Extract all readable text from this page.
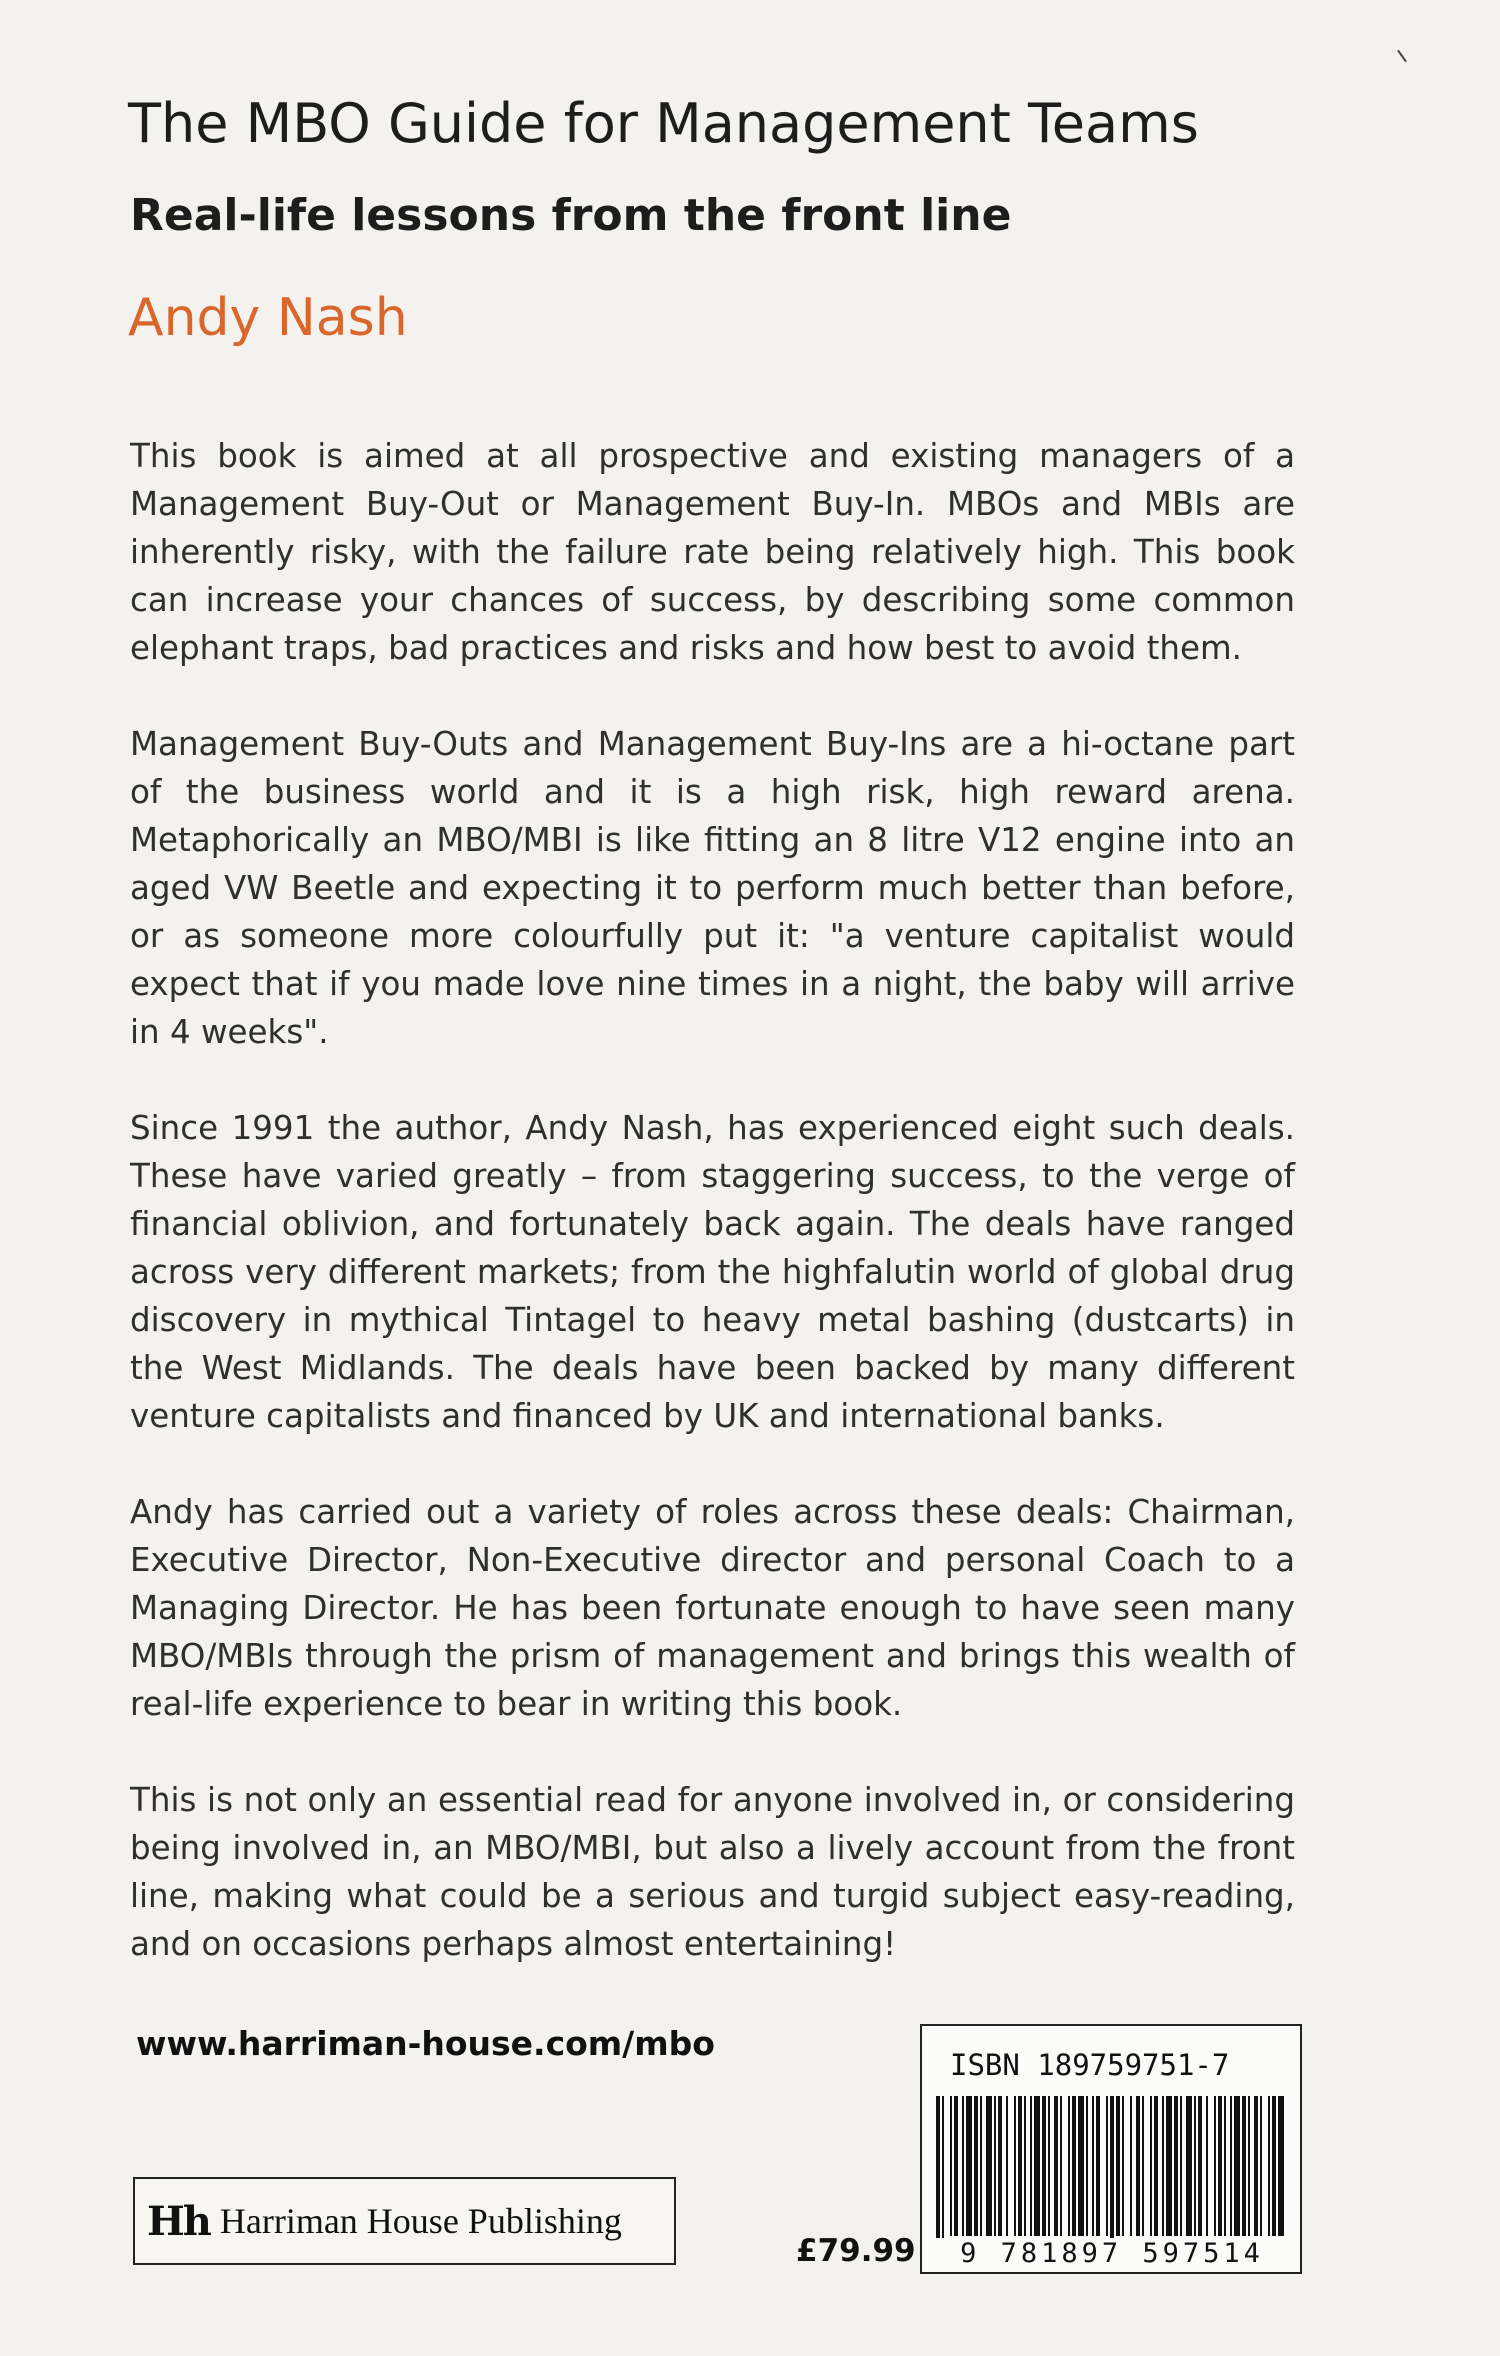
The MBO Guide for Management Teams
Real-life lessons from the front line
Andy Nash

This book is aimed at all prospective and existing managers of a Management Buy-Out or Management Buy-In. MBOs and MBIs are inherently risky, with the failure rate being relatively high. This book can increase your chances of success, by describing some common elephant traps, bad practices and risks and how best to avoid them.

Management Buy-Outs and Management Buy-Ins are a hi-octane part of the business world and it is a high risk, high reward arena. Metaphorically an MBO/MBI is like fitting an 8 litre V12 engine into an aged VW Beetle and expecting it to perform much better than before, or as someone more colourfully put it: "a venture capitalist would expect that if you made love nine times in a night, the baby will arrive in 4 weeks".

Since 1991 the author, Andy Nash, has experienced eight such deals. These have varied greatly – from staggering success, to the verge of financial oblivion, and fortunately back again. The deals have ranged across very different markets; from the highfalutin world of global drug discovery in mythical Tintagel to heavy metal bashing (dustcarts) in the West Midlands. The deals have been backed by many different venture capitalists and financed by UK and international banks.

Andy has carried out a variety of roles across these deals: Chairman, Executive Director, Non-Executive director and personal Coach to a Managing Director. He has been fortunate enough to have seen many MBO/MBIs through the prism of management and brings this wealth of real-life experience to bear in writing this book.

This is not only an essential read for anyone involved in, or considering being involved in, an MBO/MBI, but also a lively account from the front line, making what could be a serious and turgid subject easy-reading, and on occasions perhaps almost entertaining!

www.harriman-house.com/mbo
Hh Harriman House Publishing
£79.99
ISBN 189759751-7
9 781897 597514
